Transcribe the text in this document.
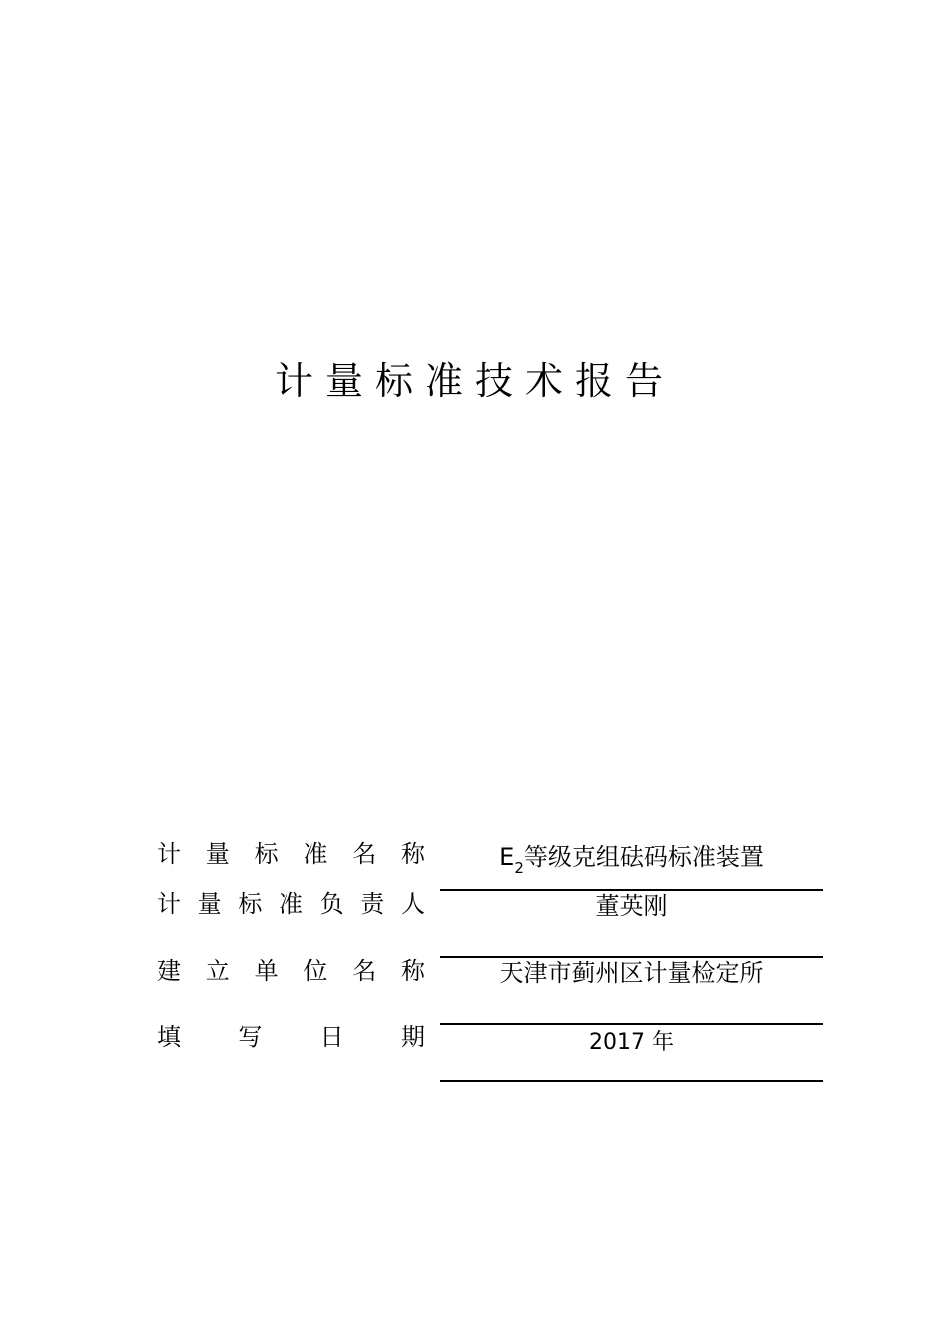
计量标准技术报告
计 量 标 准 名 称	$E_2$等级克组砝码标准装置
计 量 标 准 负 责 人	董英刚
建 立 单 位 名 称	天津市蓟州区计量检定所
填 写 日 期	2017 年
